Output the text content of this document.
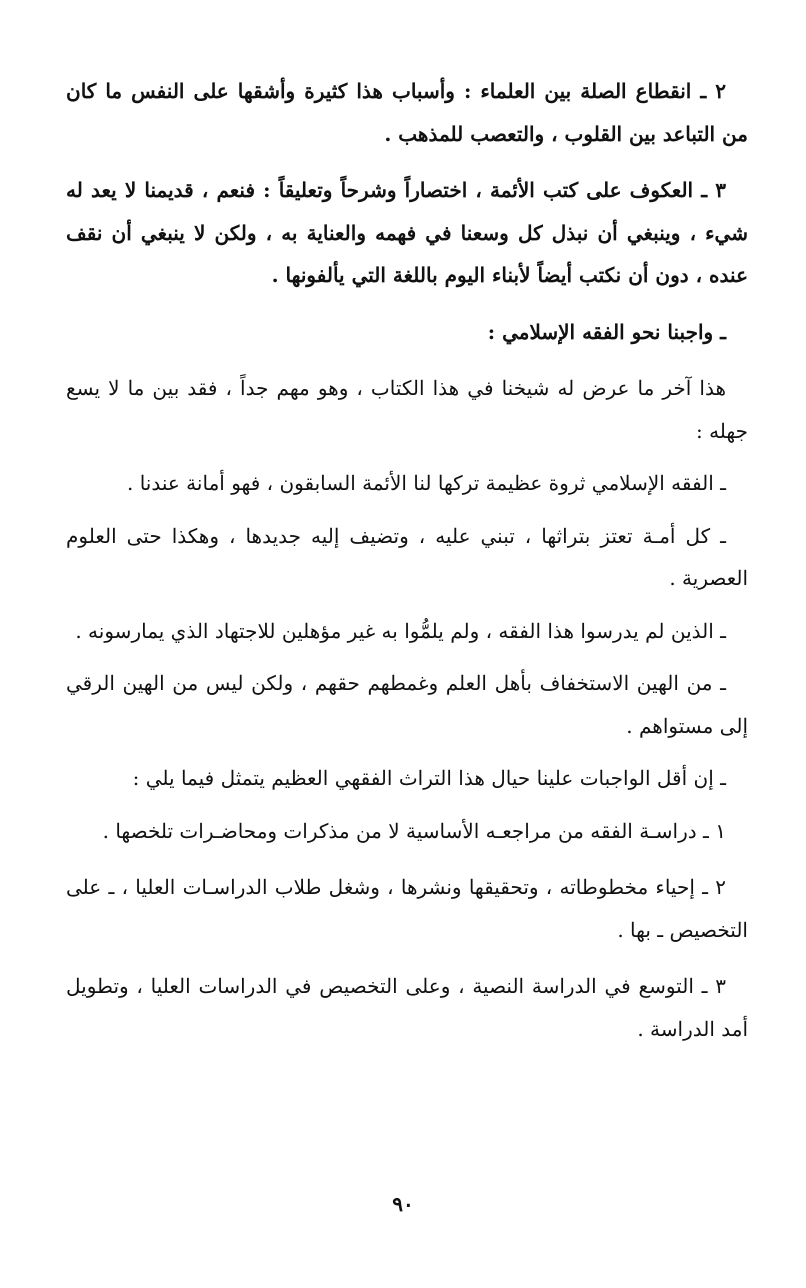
٢ ـ انقطاع الصلة بين العلماء : وأسباب هذا كثيرة وأشقها على النفس ما كان من التباعد بين القلوب ، والتعصب للمذهب .

٣ ـ العكوف على كتب الأئمة ، اختصاراً وشرحاً وتعليقاً : فنعم ، قديمنا لا يعد له شيء ، وينبغي أن نبذل كل وسعنا في فهمه والعناية به ، ولكن لا ينبغي أن نقف عنده ، دون أن نكتب أيضاً لأبناء اليوم باللغة التي يألفونها .

ـ واجبنا نحو الفقه الإسلامي :

هذا آخر ما عرض له شيخنا في هذا الكتاب ، وهو مهم جداً ، فقد بين ما لا يسع جهله :

ـ الفقه الإسلامي ثروة عظيمة تركها لنا الأئمة السابقون ، فهو أمانة عندنا .

ـ كل أمـة تعتز بتراثها ، تبني عليه ، وتضيف إليه جديدها ، وهكذا حتى العلوم العصرية .

ـ الذين لم يدرسوا هذا الفقه ، ولم يلمُّوا به غير مؤهلين للاجتهاد الذي يمارسونه .

ـ من الهين الاستخفاف بأهل العلم وغمطهم حقهم ، ولكن ليس من الهين الرقي إلى مستواهم .

ـ إن أقل الواجبات علينا حيال هذا التراث الفقهي العظيم يتمثل فيما يلي :

١ ـ دراسـة الفقه من مراجعـه الأساسية لا من مذكرات ومحاضـرات تلخصها .

٢ ـ إحياء مخطوطاته ، وتحقيقها ونشرها ، وشغل طلاب الدراسـات العليا ، ـ على التخصيص ـ بها .

٣ ـ التوسع في الدراسة النصية ، وعلى التخصيص في الدراسات العليا ، وتطويل أمد الدراسة .

٩٠
